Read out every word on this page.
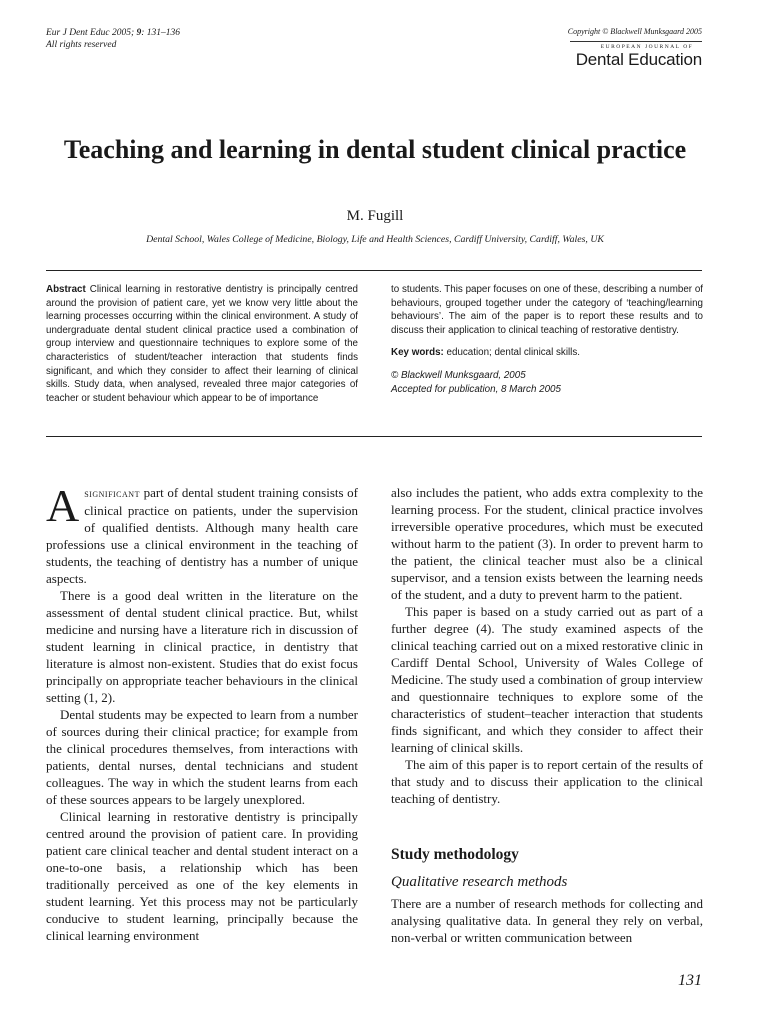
Eur J Dent Educ 2005; 9: 131–136
All rights reserved
Copyright © Blackwell Munksgaard 2005
EUROPEAN JOURNAL OF
Dental Education
Teaching and learning in dental student clinical practice
M. Fugill
Dental School, Wales College of Medicine, Biology, Life and Health Sciences, Cardiff University, Cardiff, Wales, UK

Abstract Clinical learning in restorative dentistry is principally centred around the provision of patient care, yet we know very little about the learning processes occurring within the clinical environment. A study of undergraduate dental student clinical practice used a combination of group interview and questionnaire techniques to explore some of the characteristics of student/teacher interaction that students finds significant, and which they consider to affect their learning of clinical skills. Study data, when analysed, revealed three major categories of teacher or student behaviour which appear to be of importance

to students. This paper focuses on one of these, describing a number of behaviours, grouped together under the category of ‘teaching/learning behaviours’. The aim of the paper is to report these results and to discuss their application to clinical teaching of restorative dentistry.

Key words: education; dental clinical skills.

© Blackwell Munksgaard, 2005
Accepted for publication, 8 March 2005

Asignificant part of dental student training consists of clinical practice on patients, under the supervision of qualified dentists. Although many health care professions use a clinical environment in the teaching of students, the teaching of dentistry has a number of unique aspects.

There is a good deal written in the literature on the assessment of dental student clinical practice. But, whilst medicine and nursing have a literature rich in discussion of student learning in clinical practice, in dentistry that literature is almost non-existent. Studies that do exist focus principally on appropriate teacher behaviours in the clinical setting (1, 2).

Dental students may be expected to learn from a number of sources during their clinical practice; for example from the clinical procedures themselves, from interactions with patients, dental nurses, dental technicians and student colleagues. The way in which the student learns from each of these sources appears to be largely unexplored.

Clinical learning in restorative dentistry is principally centred around the provision of patient care. In providing patient care clinical teacher and dental student interact on a one-to-one basis, a relationship which has been traditionally perceived as one of the key elements in student learning. Yet this process may not be particularly conducive to student learning, principally because the clinical learning environment

also includes the patient, who adds extra complexity to the learning process. For the student, clinical practice involves irreversible operative procedures, which must be executed without harm to the patient (3). In order to prevent harm to the patient, the clinical teacher must also be a clinical supervisor, and a tension exists between the learning needs of the student, and a duty to prevent harm to the patient.

This paper is based on a study carried out as part of a further degree (4). The study examined aspects of the clinical teaching carried out on a mixed restorative clinic in Cardiff Dental School, University of Wales College of Medicine. The study used a combination of group interview and questionnaire techniques to explore some of the characteristics of student–teacher interaction that students finds significant, and which they consider to affect their learning of clinical skills.

The aim of this paper is to report certain of the results of that study and to discuss their application to the clinical teaching of dentistry.

Study methodology

Qualitative research methods

There are a number of research methods for collecting and analysing qualitative data. In general they rely on verbal, non-verbal or written communication between

131
